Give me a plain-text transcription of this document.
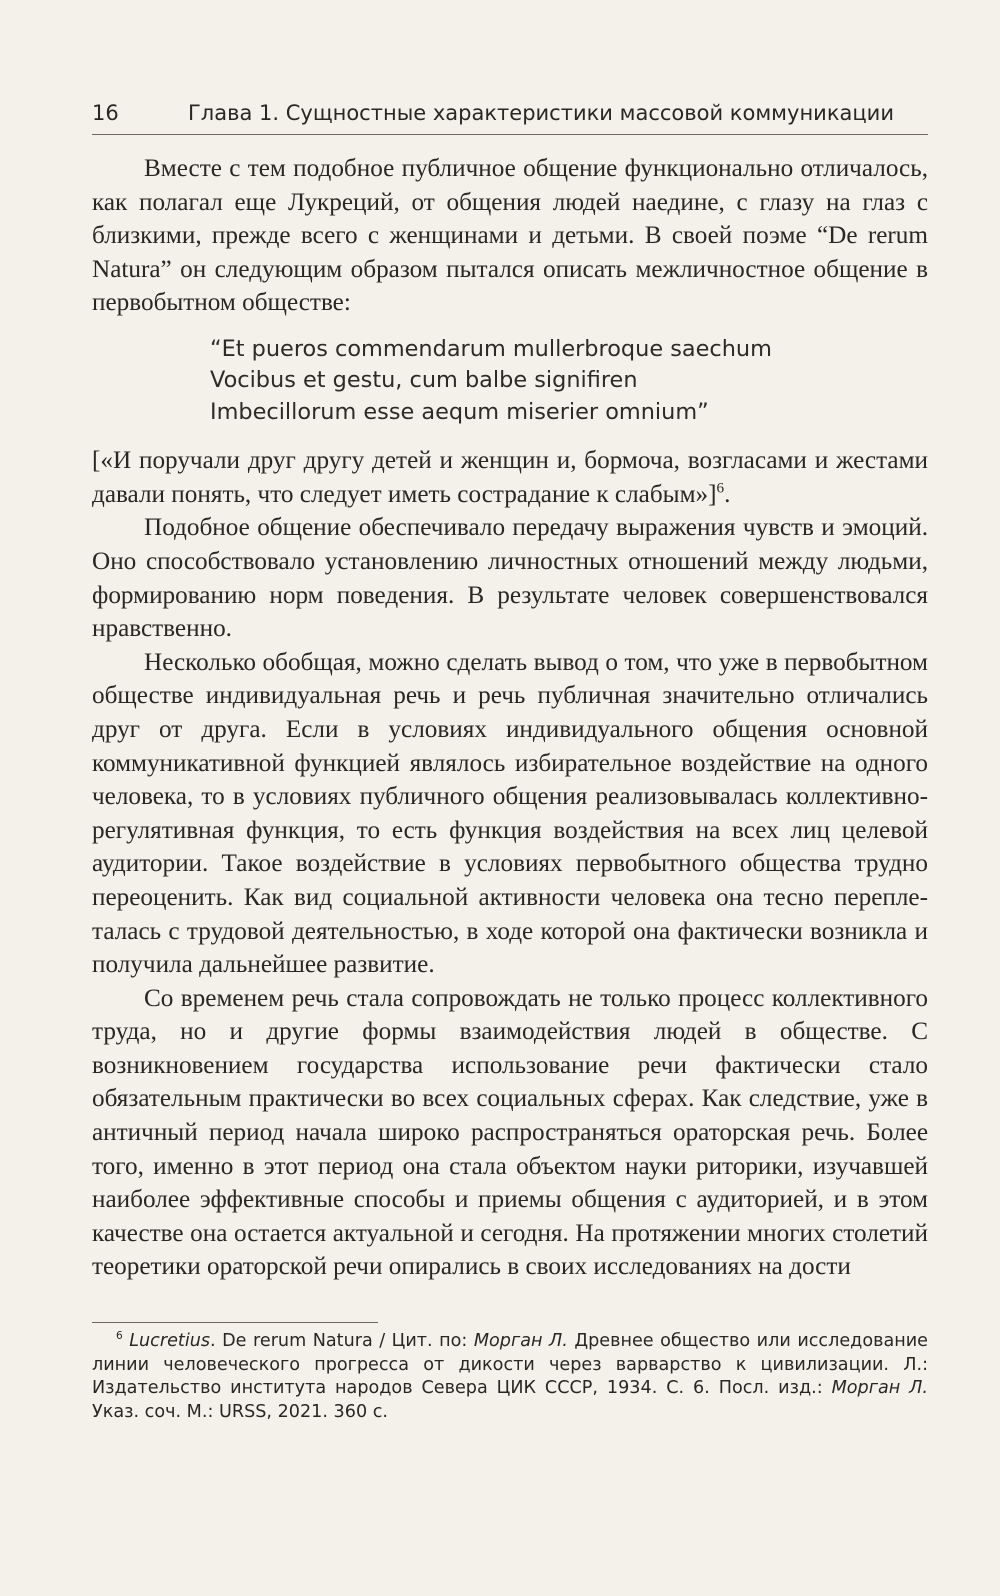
16	Глава 1. Сущностные характеристики массовой коммуникации

Вместе с тем подобное публичное общение функционально отличалось, как полагал еще Лукреций, от общения людей наедине, с глазу на глаз с близкими, прежде всего с женщинами и детьми. В своей поэме “De rerum Natura” он следующим образом пытался описать межличностное общение в первобытном обществе:

“Et pueros commendarum mullerbroque saechum
Vocibus et gestu, cum balbe signifiren
Imbecillorum esse aequm miserier omnium”

[«И поручали друг другу детей и женщин и, бормоча, возгласами и жестами давали понять, что следует иметь сострадание к слабым»]$^6$.

Подобное общение обеспечивало передачу выражения чувств и эмоций. Оно способствовало установлению личностных отношений между людьми, формированию норм поведения. В результате человек совершенствовался нравственно.

Несколько обобщая, можно сделать вывод о том, что уже в первобытном обществе индивидуальная речь и речь публичная значительно отличались друг от друга. Если в условиях индивидуального общения основной коммуникативной функцией являлось избирательное воздействие на одного человека, то в условиях публичного общения реализовывалась коллективно-регулятивная функция, то есть функция воздействия на всех лиц целевой аудитории. Такое воздействие в условиях первобытного общества трудно переоценить. Как вид социальной активности человека она тесно переплеталась с трудовой деятельностью, в ходе которой она фактически возникла и получила дальнейшее развитие.

Со временем речь стала сопровождать не только процесс коллективного труда, но и другие формы взаимодействия людей в обществе. С возникновением государства использование речи фактически стало обязательным практически во всех социальных сферах. Как следствие, уже в античный период начала широко распространяться ораторская речь. Более того, именно в этот период она стала объектом науки риторики, изучавшей наиболее эффективные способы и приемы общения с аудиторией, и в этом качестве она остается актуальной и сегодня. На протяжении многих столетий теоретики ораторской речи опирались в своих исследованиях на дости

$^6$ Lucretius. De rerum Natura / Цит. по: Морган Л. Древнее общество или исследование линии человеческого прогресса от дикости через варварство к цивилизации. Л.: Издательство института народов Севера ЦИК СССР, 1934. С. 6. Посл. изд.: Морган Л. Указ. соч. М.: URSS, 2021. 360 с.
